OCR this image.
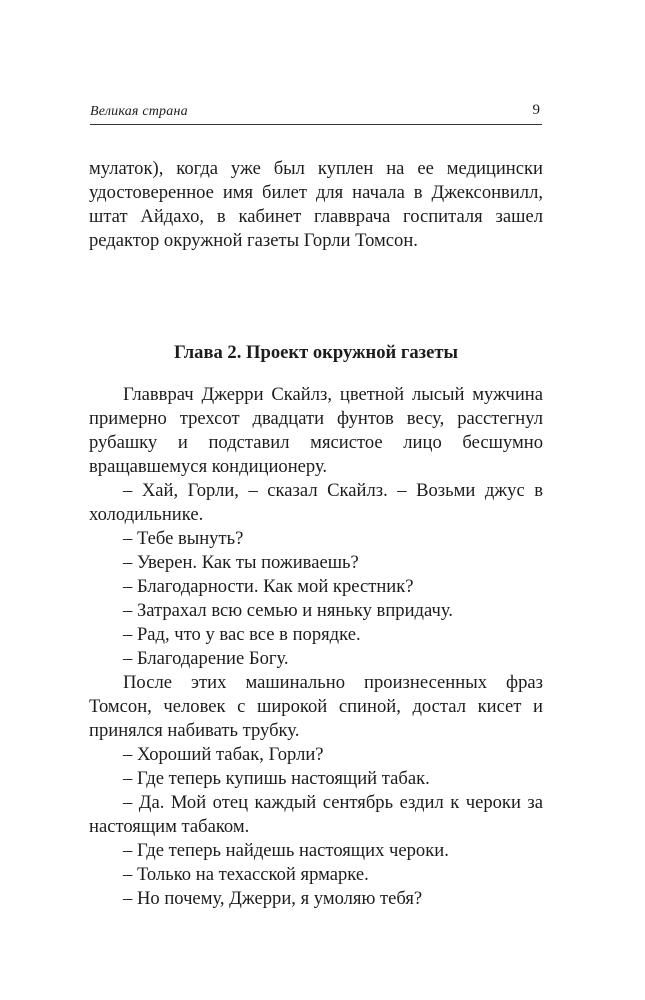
Великая страна	9

мулаток), когда уже был куплен на ее медицински удостоверенное имя билет для начала в Джексонвилл, штат Айдахо, в кабинет главврача госпиталя зашел редактор окружной газеты Горли Томсон.

Глава 2. Проект окружной газеты

Главврач Джерри Скайлз, цветной лысый мужчина примерно трехсот двадцати фунтов весу, расстегнул рубашку и подставил мясистое лицо бесшумно вращавшемуся кондиционеру.

– Хай, Горли, – сказал Скайлз. – Возьми джус в холодильнике.

– Тебе вынуть?

– Уверен. Как ты поживаешь?

– Благодарности. Как мой крестник?

– Затрахал всю семью и няньку впридачу.

– Рад, что у вас все в порядке.

– Благодарение Богу.

После этих машинально произнесенных фраз Томсон, человек с широкой спиной, достал кисет и принялся набивать трубку.

– Хороший табак, Горли?

– Где теперь купишь настоящий табак.

– Да. Мой отец каждый сентябрь ездил к чероки за настоящим табаком.

– Где теперь найдешь настоящих чероки.

– Только на техасской ярмарке.

– Но почему, Джерри, я умоляю тебя?
